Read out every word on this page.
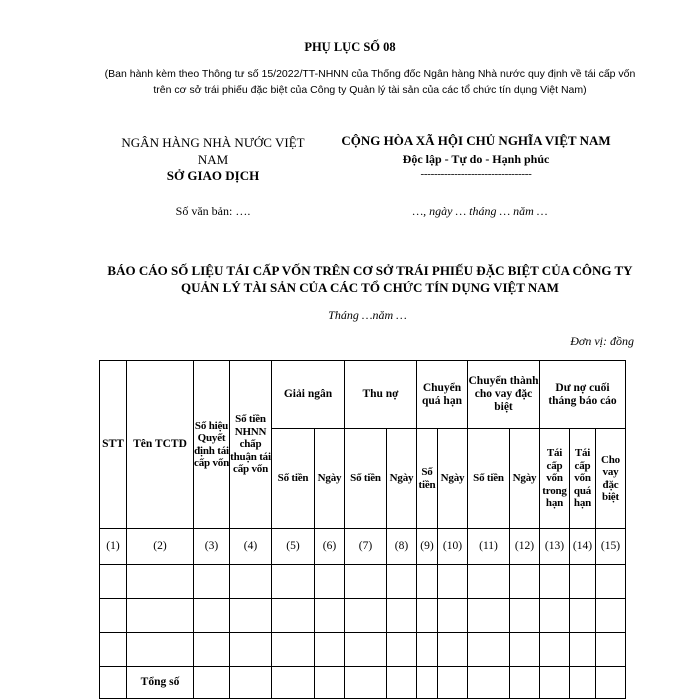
PHỤ LỤC SỐ 08
(Ban hành kèm theo Thông tư số 15/2022/TT-NHNN của Thống đốc Ngân hàng Nhà nước quy định về tái cấp vốn trên cơ sở trái phiếu đặc biệt của Công ty Quản lý tài sản của các tổ chức tín dụng Việt Nam)
NGÂN HÀNG NHÀ NƯỚC VIỆT NAM
SỞ GIAO DỊCH
CỘNG HÒA XÃ HỘI CHỦ NGHĨA VIỆT NAM
Độc lập - Tự do - Hạnh phúc
---------------------------------
Số văn bản: ….	…, ngày … tháng … năm …
BÁO CÁO SỐ LIỆU TÁI CẤP VỐN TRÊN CƠ SỞ TRÁI PHIẾU ĐẶC BIỆT CỦA CÔNG TY QUẢN LÝ TÀI SẢN CỦA CÁC TỔ CHỨC TÍN DỤNG VIỆT NAM
Tháng …năm …
Đơn vị: đồng
STT	Tên TCTD	Số hiệu Quyết định tái cấp vốn	Số tiền NHNN chấp thuận tái cấp vốn	Giải ngân		Thu nợ		Chuyển quá hạn		Chuyển thành cho vay đặc biệt		Dư nợ cuối tháng báo cáo		
				Số tiền	Ngày	Số tiền	Ngày	Số tiền	Ngày	Số tiền	Ngày	Tái cấp vốn trong hạn	Tái cấp vốn quá hạn	Cho vay đặc biệt
(1)	(2)	(3)	(4)	(5)	(6)	(7)	(8)	(9)	(10)	(11)	(12)	(13)	(14)	(15)

	Tổng số													
